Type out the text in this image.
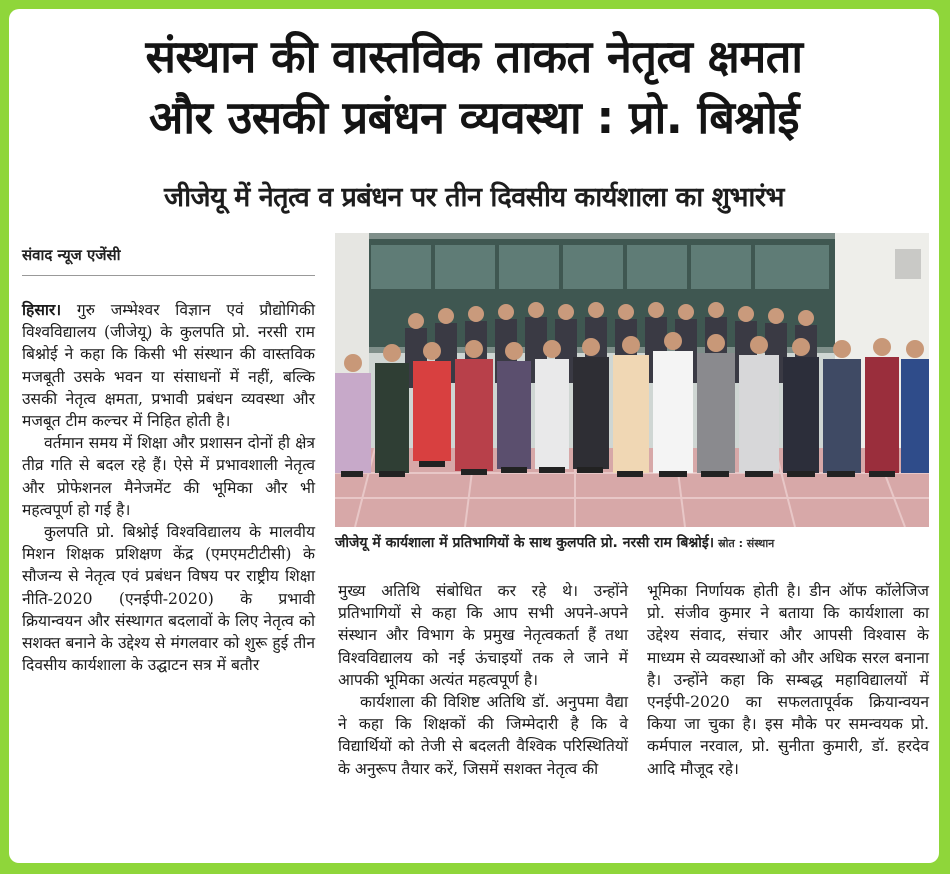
संस्थान की वास्तविक ताकत नेतृत्व क्षमता
और उसकी प्रबंधन व्यवस्था : प्रो. बिश्नोई
जीजेयू में नेतृत्व व प्रबंधन पर तीन दिवसीय कार्यशाला का शुभारंभ
संवाद न्यूज एजेंसी

हिसार। गुरु जम्भेश्वर विज्ञान एवं प्रौद्योगिकी विश्वविद्यालय (जीजेयू) के कुलपति प्रो. नरसी राम बिश्नोई ने कहा कि किसी भी संस्थान की वास्तविक मजबूती उसके भवन या संसाधनों में नहीं, बल्कि उसकी नेतृत्व क्षमता, प्रभावी प्रबंधन व्यवस्था और मजबूत टीम कल्चर में निहित होती है।

वर्तमान समय में शिक्षा और प्रशासन दोनों ही क्षेत्र तीव्र गति से बदल रहे हैं। ऐसे में प्रभावशाली नेतृत्व और प्रोफेशनल मैनेजमेंट की भूमिका और भी महत्वपूर्ण हो गई है।

कुलपति प्रो. बिश्नोई विश्वविद्यालय के मालवीय मिशन शिक्षक प्रशिक्षण केंद्र (एमएमटीटीसी) के सौजन्य से नेतृत्व एवं प्रबंधन विषय पर राष्ट्रीय शिक्षा नीति-2020 (एनईपी-2020) के प्रभावी क्रियान्वयन और संस्थागत बदलावों के लिए नेतृत्व को सशक्त बनाने के उद्देश्य से मंगलवार को शुरू हुई तीन दिवसीय कार्यशाला के उद्घाटन सत्र में बतौर

जीजेयू में कार्यशाला में प्रतिभागियों के साथ कुलपति प्रो. नरसी राम बिश्नोई। स्रोत : संस्थान

मुख्य अतिथि संबोधित कर रहे थे। उन्होंने प्रतिभागियों से कहा कि आप सभी अपने-अपने संस्थान और विभाग के प्रमुख नेतृत्वकर्ता हैं तथा विश्वविद्यालय को नई ऊंचाइयों तक ले जाने में आपकी भूमिका अत्यंत महत्वपूर्ण है।

कार्यशाला की विशिष्ट अतिथि डॉ. अनुपमा वैद्या ने कहा कि शिक्षकों की जिम्मेदारी है कि वे विद्यार्थियों को तेजी से बदलती वैश्विक परिस्थितियों के अनुरूप तैयार करें, जिसमें सशक्त नेतृत्व की

भूमिका निर्णायक होती है। डीन ऑफ कॉलेजिज प्रो. संजीव कुमार ने बताया कि कार्यशाला का उद्देश्य संवाद, संचार और आपसी विश्वास के माध्यम से व्यवस्थाओं को और अधिक सरल बनाना है। उन्होंने कहा कि सम्बद्ध महाविद्यालयों में एनईपी-2020 का सफलतापूर्वक क्रियान्वयन किया जा चुका है। इस मौके पर समन्वयक प्रो. कर्मपाल नरवाल, प्रो. सुनीता कुमारी, डॉ. हरदेव आदि मौजूद रहे।
